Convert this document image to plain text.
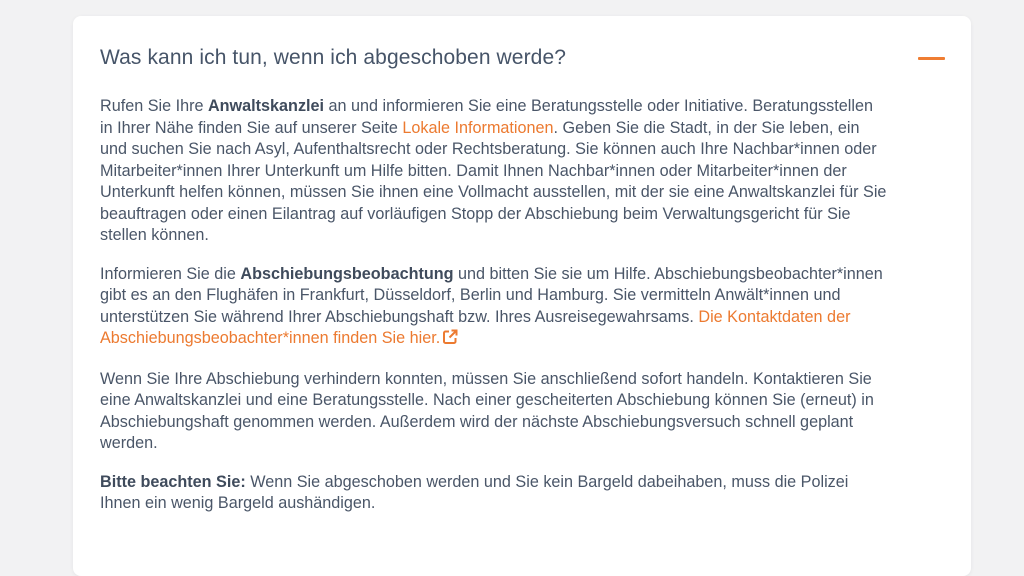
Was kann ich tun, wenn ich abgeschoben werde?

Rufen Sie Ihre Anwaltskanzlei an und informieren Sie eine Beratungsstelle oder Initiative. Beratungsstellen in Ihrer Nähe finden Sie auf unserer Seite Lokale Informationen. Geben Sie die Stadt, in der Sie leben, ein und suchen Sie nach Asyl, Aufenthaltsrecht oder Rechtsberatung. Sie können auch Ihre Nachbar*innen oder Mitarbeiter*innen Ihrer Unterkunft um Hilfe bitten. Damit Ihnen Nachbar*innen oder Mitarbeiter*innen der Unterkunft helfen können, müssen Sie ihnen eine Vollmacht ausstellen, mit der sie eine Anwaltskanzlei für Sie beauftragen oder einen Eilantrag auf vorläufigen Stopp der Abschiebung beim Verwaltungsgericht für Sie stellen können.

Informieren Sie die Abschiebungsbeobachtung und bitten Sie sie um Hilfe. Abschiebungsbeobachter*innen gibt es an den Flughäfen in Frankfurt, Düsseldorf, Berlin und Hamburg. Sie vermitteln Anwält*innen und unterstützen Sie während Ihrer Abschiebungshaft bzw. Ihres Ausreisegewahrsams. Die Kontaktdaten der Abschiebungsbeobachter*innen finden Sie hier.

Wenn Sie Ihre Abschiebung verhindern konnten, müssen Sie anschließend sofort handeln. Kontaktieren Sie eine Anwaltskanzlei und eine Beratungsstelle. Nach einer gescheiterten Abschiebung können Sie (erneut) in Abschiebungshaft genommen werden. Außerdem wird der nächste Abschiebungsversuch schnell geplant werden.

Bitte beachten Sie: Wenn Sie abgeschoben werden und Sie kein Bargeld dabeihaben, muss die Polizei Ihnen ein wenig Bargeld aushändigen.
